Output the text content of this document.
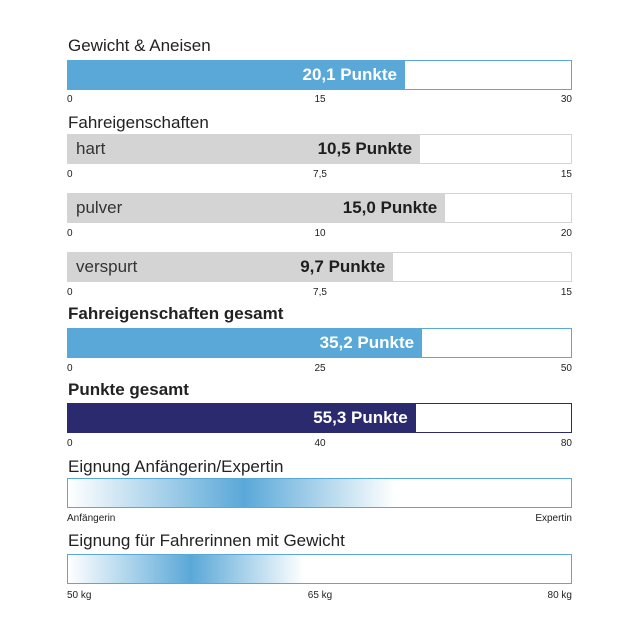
Gewicht & Aneisen
20,1 Punkte
0	15	30
Fahreigenschaften
10,5 Punkte
hart
0	7,5	15
15,0 Punkte
pulver
0	10	20
9,7 Punkte
verspurt
0	7,5	15
Fahreigenschaften gesamt
35,2 Punkte
0	25	50
Punkte gesamt
55,3 Punkte
0	40	80
Eignung Anfängerin/Expertin
Anfängerin	Expertin
Eignung für Fahrerinnen mit Gewicht
50 kg	65 kg	80 kg
